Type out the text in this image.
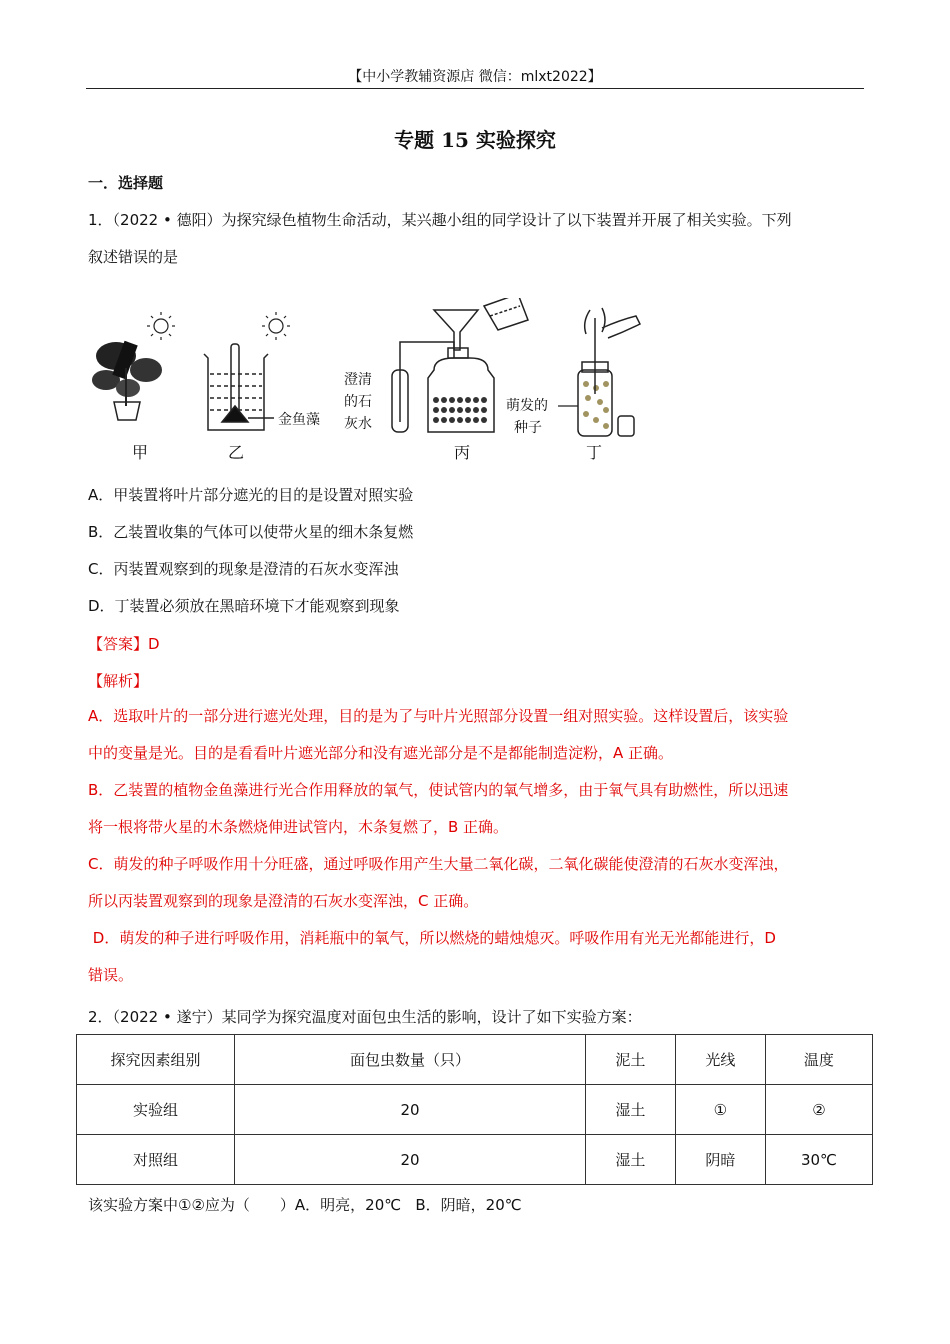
【中小学教辅资源店 微信：mlxt2022】
专题 15 实验探究
一．选择题
1．（2022 • 德阳）为探究绿色植物生命活动，某兴趣小组的同学设计了以下装置并开展了相关实验。下列
叙述错误的是
金鱼藻
澄清
的石
灰水
萌发的
种子
甲	乙	丙	丁
A．甲装置将叶片部分遮光的目的是设置对照实验
B．乙装置收集的气体可以使带火星的细木条复燃
C．丙装置观察到的现象是澄清的石灰水变浑浊
D．丁装置必须放在黑暗环境下才能观察到现象
【答案】D
【解析】
A．选取叶片的一部分进行遮光处理，目的是为了与叶片光照部分设置一组对照实验。这样设置后，该实验
中的变量是光。目的是看看叶片遮光部分和没有遮光部分是不是都能制造淀粉，A 正确。
B．乙装置的植物金鱼藻进行光合作用释放的氧气，使试管内的氧气增多，由于氧气具有助燃性，所以迅速
将一根将带火星的木条燃烧伸进试管内，木条复燃了，B 正确。
C．萌发的种子呼吸作用十分旺盛，通过呼吸作用产生大量二氧化碳，二氧化碳能使澄清的石灰水变浑浊，
所以丙装置观察到的现象是澄清的石灰水变浑浊，C 正确。
D．萌发的种子进行呼吸作用，消耗瓶中的氧气，所以燃烧的蜡烛熄灭。呼吸作用有光无光都能进行，D
错误。
2．（2022 • 遂宁）某同学为探究温度对面包虫生活的影响，设计了如下实验方案：
探究因素组别	面包虫数量（只）	泥土	光线	温度
实验组	20	湿土	①	②
对照组	20	湿土	阴暗	30℃
该实验方案中①②应为（　　）A．明亮，20℃   B．阴暗，20℃
